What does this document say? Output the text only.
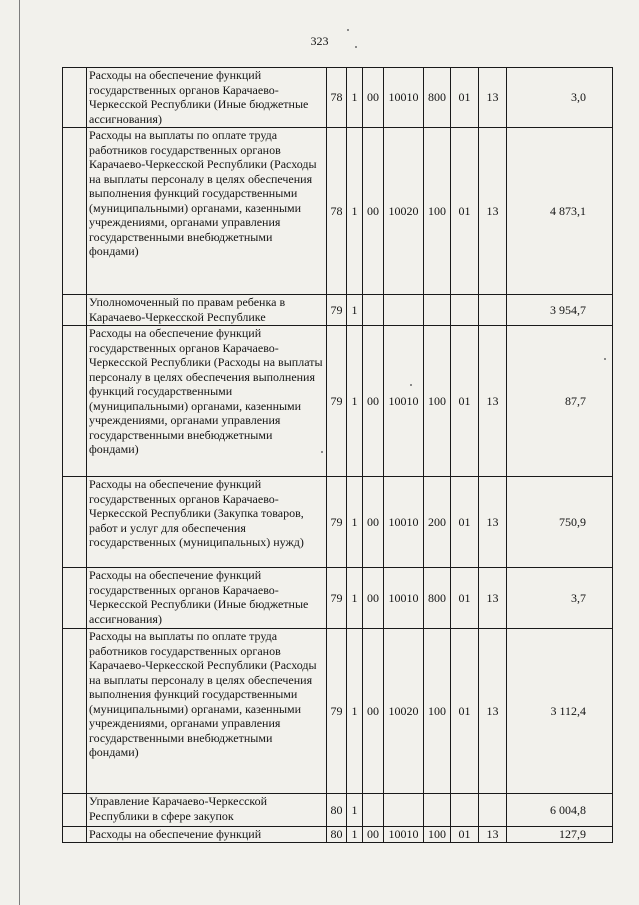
323
	Расходы на обеспечение функций государственных органов Карачаево-Черкесской Республики (Иные бюджетные ассигнования)	78	1	00	10010	800	01	13	3,0
	Расходы на выплаты по оплате труда работников государственных органов Карачаево-Черкесской Республики (Расходы на выплаты персоналу в целях обеспечения выполнения функций государственными (муниципальными) органами, казенными учреждениями, органами управления государственными внебюджетными фондами)	78	1	00	10020	100	01	13	4 873,1
	Уполномоченный по правам ребенка в Карачаево-Черкесской Республике	79	1						3 954,7
	Расходы на обеспечение функций государственных органов Карачаево-Черкесской Республики (Расходы на выплаты персоналу в целях обеспечения выполнения функций государственными (муниципальными) органами, казенными учреждениями, органами управления государственными внебюджетными фондами)	79	1	00	10010	100	01	13	87,7
	Расходы на обеспечение функций государственных органов Карачаево-Черкесской Республики (Закупка товаров, работ и услуг для обеспечения государственных (муниципальных) нужд)	79	1	00	10010	200	01	13	750,9
	Расходы на обеспечение функций государственных органов Карачаево-Черкесской Республики (Иные бюджетные ассигнования)	79	1	00	10010	800	01	13	3,7
	Расходы на выплаты по оплате труда работников государственных органов Карачаево-Черкесской Республики (Расходы на выплаты персоналу в целях обеспечения выполнения функций государственными (муниципальными) органами, казенными учреждениями, органами управления государственными внебюджетными фондами)	79	1	00	10020	100	01	13	3 112,4
	Управление Карачаево-Черкесской Республики в сфере закупок	80	1						6 004,8
	Расходы на обеспечение функций	80	1	00	10010	100	01	13	127,9
